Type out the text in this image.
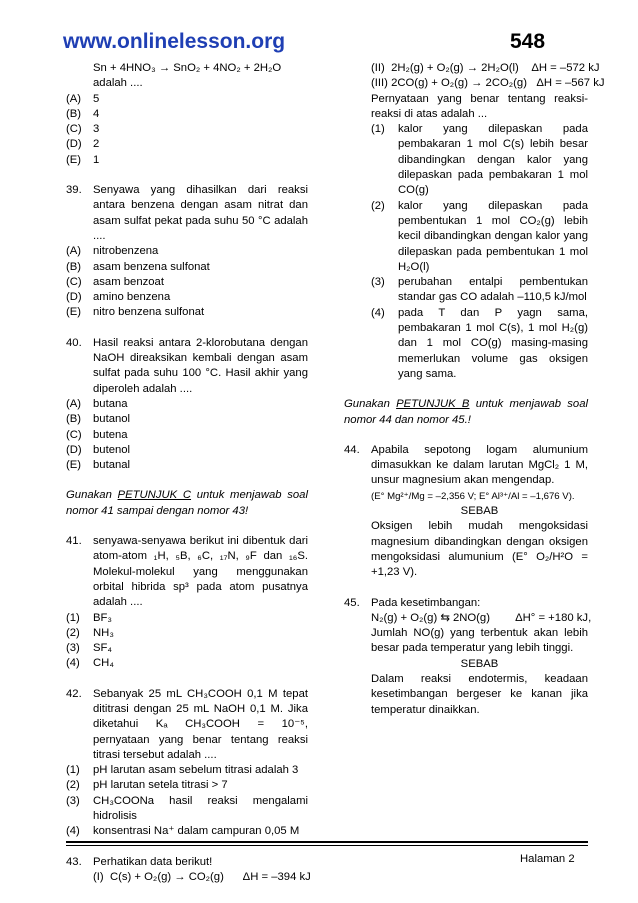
www.onlinelesson.org	548
Sn + 4HNO₃ → SnO₂ + 4NO₂ + 2H₂O
adalah ....
(A) 5
(B) 4
(C) 3
(D) 2
(E) 1
39. Senyawa yang dihasilkan dari reaksi antara benzena dengan asam nitrat dan asam sulfat pekat pada suhu 50 °C adalah ....
(A) nitrobenzena
(B) asam benzena sulfonat
(C) asam benzoat
(D) amino benzena
(E) nitro benzena sulfonat
40. Hasil reaksi antara 2-klorobutana dengan NaOH direaksikan kembali dengan asam sulfat pada suhu 100 °C. Hasil akhir yang diperoleh adalah ....
(A) butana
(B) butanol
(C) butena
(D) butenol
(E) butanal
Gunakan PETUNJUK C untuk menjawab soal nomor 41 sampai dengan nomor 43!
41. senyawa-senyawa berikut ini dibentuk dari atom-atom ₁H, ₅B, ₆C, ₁₇N, ₉F dan ₁₆S. Molekul-molekul yang menggunakan orbital hibrida sp³ pada atom pusatnya adalah ....
(1) BF₃
(2) NH₃
(3) SF₄
(4) CH₄
42. Sebanyak 25 mL CH₃COOH 0,1 M tepat dititrasi dengan 25 mL NaOH 0,1 M. Jika diketahui Kₐ CH₃COOH = 10⁻⁵, pernyataan yang benar tentang reaksi titrasi tersebut adalah ....
(1) pH larutan asam sebelum titrasi adalah 3
(2) pH larutan setela titrasi > 7
(3) CH₃COONa hasil reaksi mengalami hidrolisis
(4) konsentrasi Na⁺ dalam campuran 0,05 M
43. Perhatikan data berikut!
(I)  C(s) + O₂(g) → CO₂(g)      ΔH = –394 kJ
(II)  2H₂(g) + O₂(g) → 2H₂O(l)    ΔH = –572 kJ
(III) 2CO(g) + O₂(g) → 2CO₂(g)   ΔH = –567 kJ
Pernyataan yang benar tentang reaksi-reaksi di atas adalah ...
(1) kalor yang dilepaskan pada pembakaran 1 mol C(s) lebih besar dibandingkan dengan kalor yang dilepaskan pada pembakaran 1 mol CO(g)
(2) kalor yang dilepaskan pada pembentukan 1 mol CO₂(g) lebih kecil dibandingkan dengan kalor yang dilepaskan pada pembentukan 1 mol H₂O(l)
(3) perubahan entalpi pembentukan standar gas CO adalah –110,5 kJ/mol
(4) pada T dan P yagn sama, pembakaran 1 mol C(s), 1 mol H₂(g) dan 1 mol CO(g) masing-masing memerlukan volume gas oksigen yang sama.
Gunakan PETUNJUK B untuk menjawab soal nomor 44 dan nomor 45.!
44. Apabila sepotong logam alumunium dimasukkan ke dalam larutan MgCl₂ 1 M, unsur magnesium akan mengendap.
(E° Mg²⁺/Mg = –2,356 V; E° Al³⁺/Al = –1,676 V).
SEBAB
Oksigen lebih mudah mengoksidasi magnesium dibandingkan dengan oksigen mengoksidasi alumunium (E° O₂/H²O = +1,23 V).
45. Pada kesetimbangan:
N₂(g) + O₂(g) ⇆ 2NO(g)        ΔH° = +180 kJ,
Jumlah NO(g) yang terbentuk akan lebih besar pada temperatur yang lebih tinggi.
SEBAB
Dalam reaksi endotermis, keadaan kesetimbangan bergeser ke kanan jika temperatur dinaikkan.
Halaman 2
